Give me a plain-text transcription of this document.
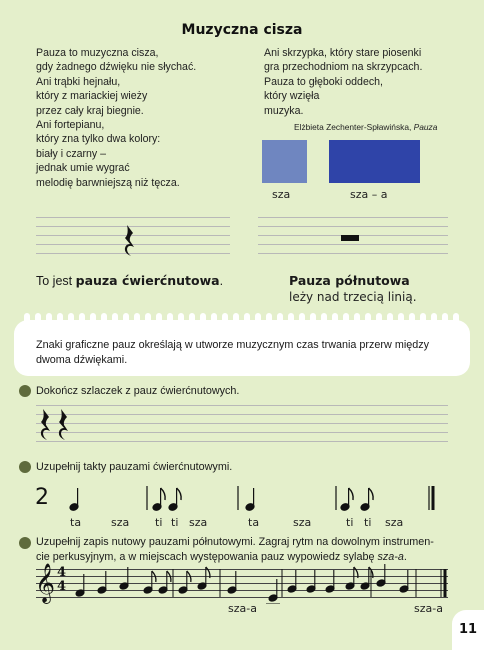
Muzyczna cisza
Pauza to muzyczna cisza,
gdy żadnego dźwięku nie słychać.
Ani trąbki hejnału,
który z mariackiej wieży
przez cały kraj biegnie.
Ani fortepianu,
który zna tylko dwa kolory:
biały i czarny –
jednak umie wygrać
melodię barwniejszą niż tęcza.
Ani skrzypka, który stare piosenki
gra przechodniom na skrzypcach.
Pauza to głęboki oddech,
który wzięła
muzyka.
Elżbieta Zechenter-Spławińska, Pauza
sza	sza – a
To jest pauza ćwierćnutowa.	Pauza półnutowa
leży nad trzecią linią.
Znaki graficzne pauz określają w utworze muzycznym czas trwania przerw między dwoma dźwiękami.
Dokończ szlaczek z pauz ćwierćnutowych.
Uzupełnij takty pauzami ćwierćnutowymi.
2
ta	sza ti ti sza	ta	sza	ti ti sza
Uzupełnij zapis nutowy pauzami półnutowymi. Zagraj rytm na dowolnym instrumen-
cie perkusyjnym, a w miejscach występowania pauz wypowiedz sylabę sza-a.
𝄞 4
4
sza-a	sza-a
11
